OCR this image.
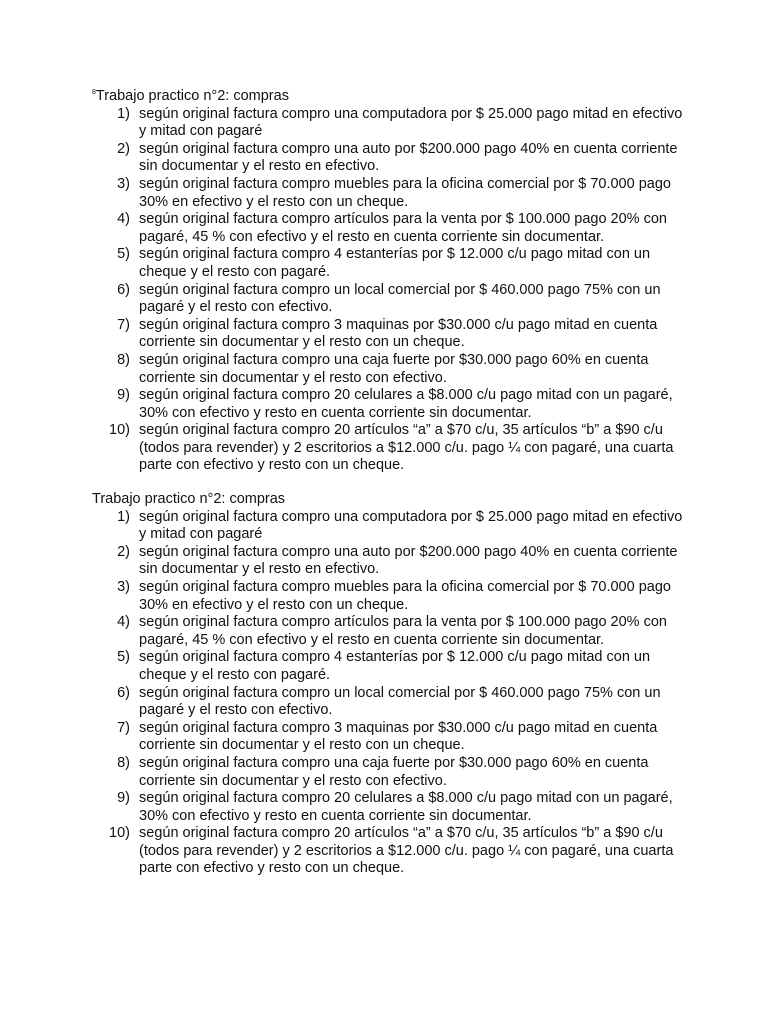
$^8$Trabajo practico n°2: compras

1) según original factura compro una computadora por $ 25.000 pago mitad en efectivo
y mitad con pagaré
2) según original factura compro una auto por $200.000 pago 40% en cuenta corriente
sin documentar y el resto en efectivo.
3) según original factura compro muebles para la oficina comercial por $ 70.000 pago
30% en efectivo y el resto con un cheque.
4) según original factura compro artículos para la venta por $ 100.000 pago 20% con
pagaré, 45 % con efectivo y el resto en cuenta corriente sin documentar.
5) según original factura compro 4 estanterías por $ 12.000 c/u pago mitad con un
cheque y el resto con pagaré.
6) según original factura compro un local comercial por $ 460.000 pago 75% con un
pagaré y el resto con efectivo.
7) según original factura compro 3 maquinas por $30.000 c/u pago mitad en cuenta
corriente sin documentar y el resto con un cheque.
8) según original factura compro una caja fuerte por $30.000 pago 60% en cuenta
corriente sin documentar y el resto con efectivo.
9) según original factura compro 20 celulares a $8.000 c/u pago mitad con un pagaré,
30% con efectivo y resto en cuenta corriente sin documentar.
10) según original factura compro 20 artículos “a” a $70 c/u, 35 artículos “b” a $90 c/u
(todos para revender) y 2 escritorios a $12.000 c/u. pago ¼ con pagaré, una cuarta
parte con efectivo y resto con un cheque.

Trabajo practico n°2: compras

1) según original factura compro una computadora por $ 25.000 pago mitad en efectivo
y mitad con pagaré
2) según original factura compro una auto por $200.000 pago 40% en cuenta corriente
sin documentar y el resto en efectivo.
3) según original factura compro muebles para la oficina comercial por $ 70.000 pago
30% en efectivo y el resto con un cheque.
4) según original factura compro artículos para la venta por $ 100.000 pago 20% con
pagaré, 45 % con efectivo y el resto en cuenta corriente sin documentar.
5) según original factura compro 4 estanterías por $ 12.000 c/u pago mitad con un
cheque y el resto con pagaré.
6) según original factura compro un local comercial por $ 460.000 pago 75% con un
pagaré y el resto con efectivo.
7) según original factura compro 3 maquinas por $30.000 c/u pago mitad en cuenta
corriente sin documentar y el resto con un cheque.
8) según original factura compro una caja fuerte por $30.000 pago 60% en cuenta
corriente sin documentar y el resto con efectivo.
9) según original factura compro 20 celulares a $8.000 c/u pago mitad con un pagaré,
30% con efectivo y resto en cuenta corriente sin documentar.
10) según original factura compro 20 artículos “a” a $70 c/u, 35 artículos “b” a $90 c/u
(todos para revender) y 2 escritorios a $12.000 c/u. pago ¼ con pagaré, una cuarta
parte con efectivo y resto con un cheque.
